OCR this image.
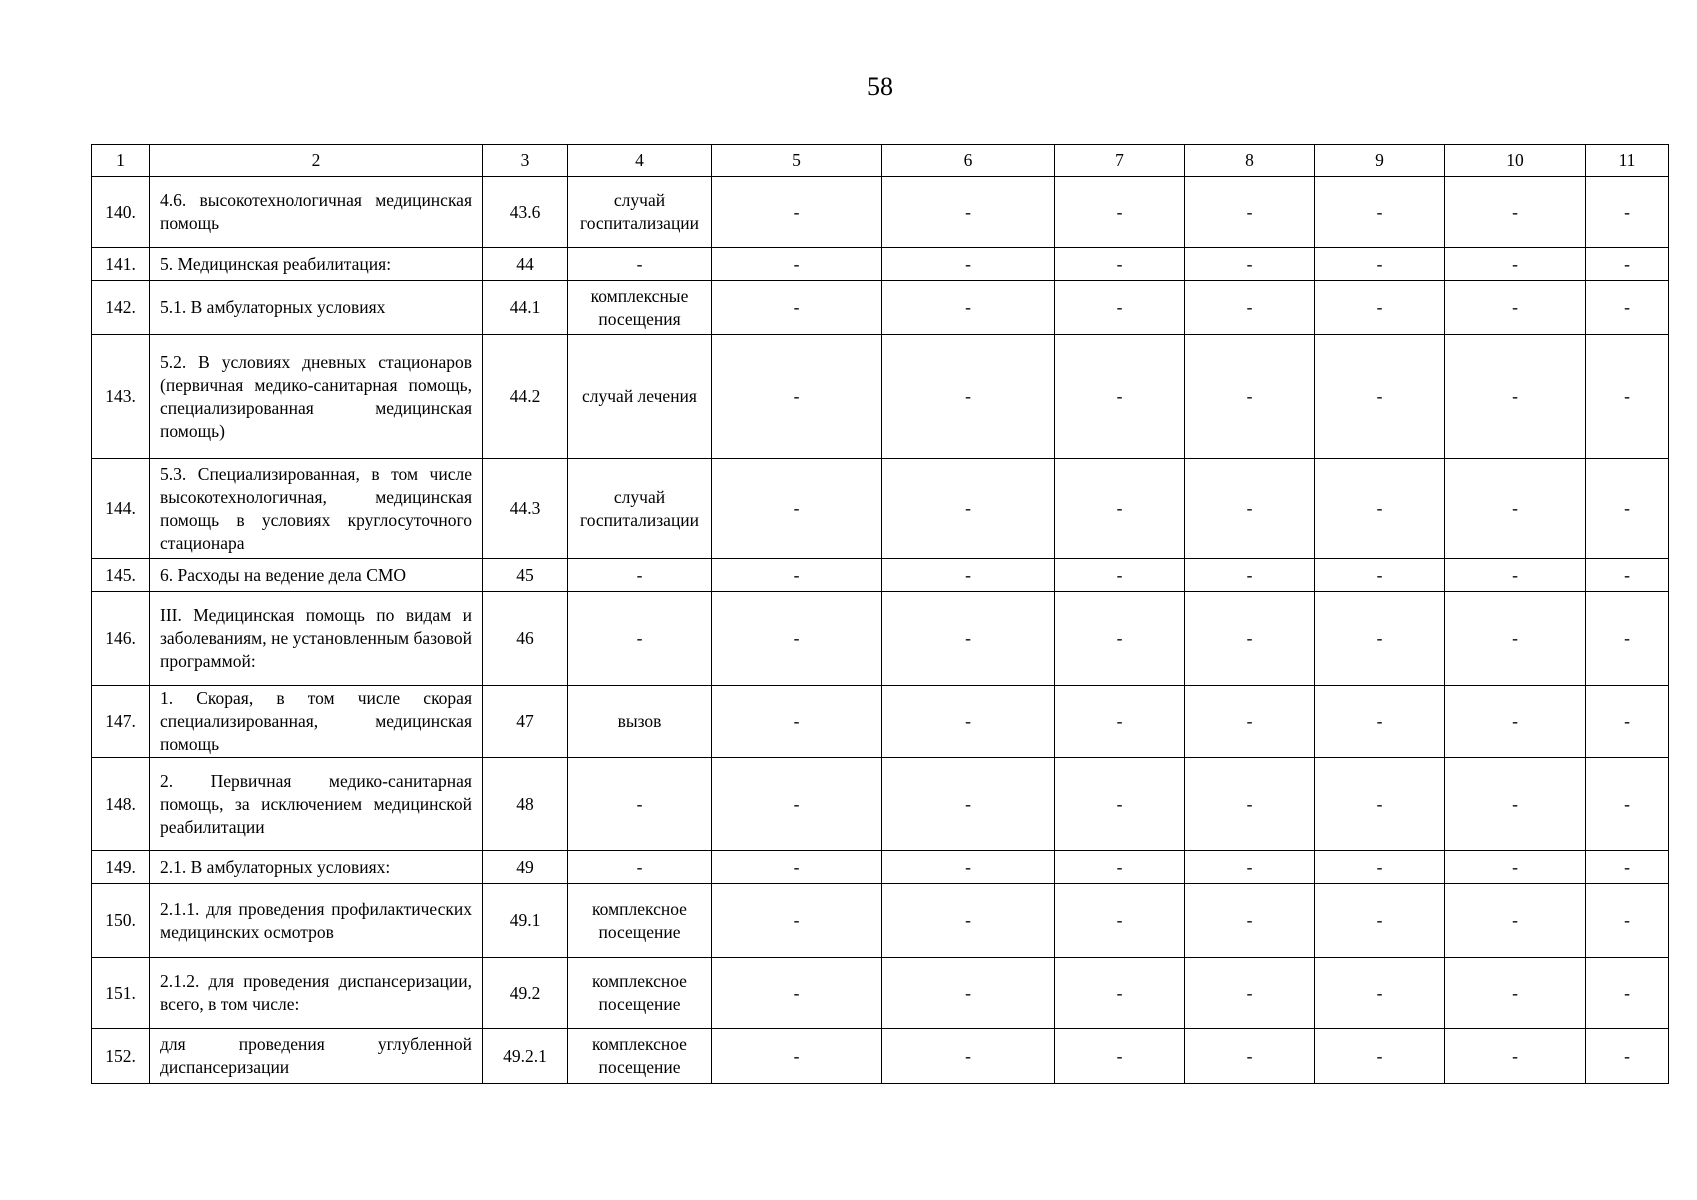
58
1	2	3	4	5	6	7	8	9	10	11
140.	4.6. высокотехнологичная медицинская помощь	43.6	случай госпитализации	-	-	-	-	-	-	-
141.	5. Медицинская реабилитация:	44	-	-	-	-	-	-	-	-
142.	5.1. В амбулаторных условиях	44.1	комплексные посещения	-	-	-	-	-	-	-
143.	5.2. В условиях дневных стационаров (первичная медико-санитарная помощь, специализированная медицинская помощь)	44.2	случай лечения	-	-	-	-	-	-	-
144.	5.3. Специализированная, в том числе высокотехнологичная, медицинская помощь в условиях круглосуточного стационара	44.3	случай госпитализации	-	-	-	-	-	-	-
145.	6. Расходы на ведение дела СМО	45	-	-	-	-	-	-	-	-
146.	III. Медицинская помощь по видам и заболеваниям, не установленным базовой программой:	46	-	-	-	-	-	-	-	-
147.	1. Скорая, в том числе скорая специализированная, медицинская помощь	47	вызов	-	-	-	-	-	-	-
148.	2. Первичная медико-санитарная помощь, за исключением медицинской реабилитации	48	-	-	-	-	-	-	-	-
149.	2.1. В амбулаторных условиях:	49	-	-	-	-	-	-	-	-
150.	2.1.1. для проведения профилактических медицинских осмотров	49.1	комплексное посещение	-	-	-	-	-	-	-
151.	2.1.2. для проведения диспансеризации, всего, в том числе:	49.2	комплексное посещение	-	-	-	-	-	-	-
152.	для проведения углубленной диспансеризации	49.2.1	комплексное посещение	-	-	-	-	-	-	-
